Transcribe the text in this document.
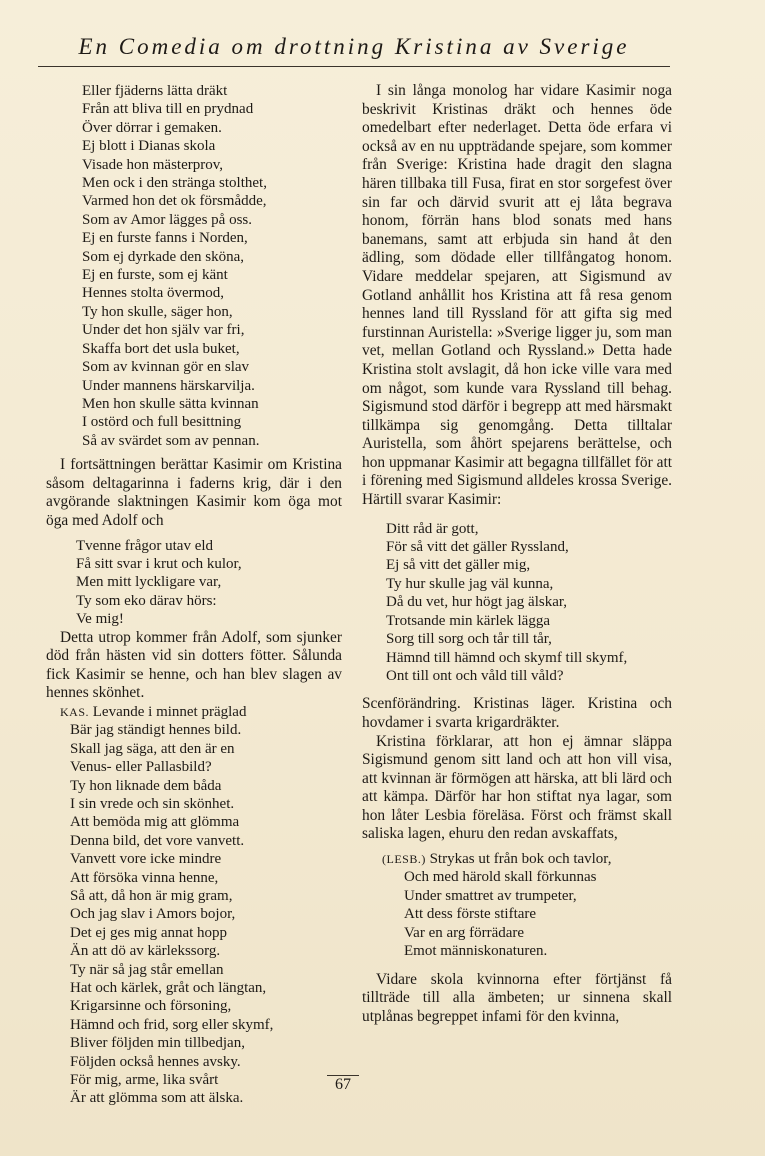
En Comedia om drottning Kristina av Sverige
Eller fjäderns lätta dräkt
Från att bliva till en prydnad
Över dörrar i gemaken.
Ej blott i Dianas skola
Visade hon mästerprov,
Men ock i den stränga stolthet,
Varmed hon det ok försmådde,
Som av Amor lägges på oss.
Ej en furste fanns i Norden,
Som ej dyrkade den sköna,
Ej en furste, som ej känt
Hennes stolta övermod,
Ty hon skulle, säger hon,
Under det hon själv var fri,
Skaffa bort det usla buket,
Som av kvinnan gör en slav
Under mannens härskarvilja.
Men hon skulle sätta kvinnan
I ostörd och full besittning
Så av svärdet som av pennan.

I fortsättningen berättar Kasimir om Kristina såsom deltagarinna i faderns krig, där i den avgörande slaktningen Kasimir kom öga mot öga med Adolf och

Tvenne frågor utav eld
Få sitt svar i krut och kulor,
Men mitt lyckligare var,
Ty som eko därav hörs:
Ve mig!

Detta utrop kommer från Adolf, som sjunker död från hästen vid sin dotters fötter. Sålunda fick Kasimir se henne, och han blev slagen av hennes skönhet.

KAS. Levande i minnet präglad
Bär jag ständigt hennes bild.
Skall jag säga, att den är en
Venus- eller Pallasbild?
Ty hon liknade dem båda
I sin vrede och sin skönhet.
Att bemöda mig att glömma
Denna bild, det vore vanvett.
Vanvett vore icke mindre
Att försöka vinna henne,
Så att, då hon är mig gram,
Och jag slav i Amors bojor,
Det ej ges mig annat hopp
Än att dö av kärlekssorg.
Ty när så jag står emellan
Hat och kärlek, gråt och längtan,
Krigarsinne och försoning,
Hämnd och frid, sorg eller skymf,
Bliver följden min tillbedjan,
Följden också hennes avsky.
För mig, arme, lika svårt
Är att glömma som att älska.

I sin långa monolog har vidare Kasimir noga beskrivit Kristinas dräkt och hennes öde omedelbart efter nederlaget. Detta öde erfara vi också av en nu uppträdande spejare, som kommer från Sverige: Kristina hade dragit den slagna hären tillbaka till Fusa, firat en stor sorgefest över sin far och därvid svurit att ej låta begrava honom, förrän hans blod sonats med hans banemans, samt att erbjuda sin hand åt den ädling, som dödade eller tillfångatog honom. Vidare meddelar spejaren, att Sigismund av Gotland anhållit hos Kristina att få resa genom hennes land till Ryssland för att gifta sig med furstinnan Auristella: »Sverige ligger ju, som man vet, mellan Gotland och Ryssland.» Detta hade Kristina stolt avslagit, då hon icke ville vara med om något, som kunde vara Ryssland till behag. Sigismund stod därför i begrepp att med härsmakt tillkämpa sig genomgång. Detta tilltalar Auristella, som åhört spejarens berättelse, och hon uppmanar Kasimir att begagna tillfället för att i förening med Sigismund alldeles krossa Sverige. Härtill svarar Kasimir:

Ditt råd är gott,
För så vitt det gäller Ryssland,
Ej så vitt det gäller mig,
Ty hur skulle jag väl kunna,
Då du vet, hur högt jag älskar,
Trotsande min kärlek lägga
Sorg till sorg och tår till tår,
Hämnd till hämnd och skymf till skymf,
Ont till ont och våld till våld?

Scenförändring. Kristinas läger. Kristina och hovdamer i svarta krigardräkter.

Kristina förklarar, att hon ej ämnar släppa Sigismund genom sitt land och att hon vill visa, att kvinnan är förmögen att härska, att bli lärd och att kämpa. Därför har hon stiftat nya lagar, som hon låter Lesbia föreläsa. Först och främst skall saliska lagen, ehuru den redan avskaffats,

(LESB.) Strykas ut från bok och tavlor,
Och med härold skall förkunnas
Under smattret av trumpeter,
Att dess förste stiftare
Var en arg förrädare
Emot människonaturen.

Vidare skola kvinnorna efter förtjänst få tillträde till alla ämbeten; ur sinnena skall utplånas begreppet infami för den kvinna,

67
